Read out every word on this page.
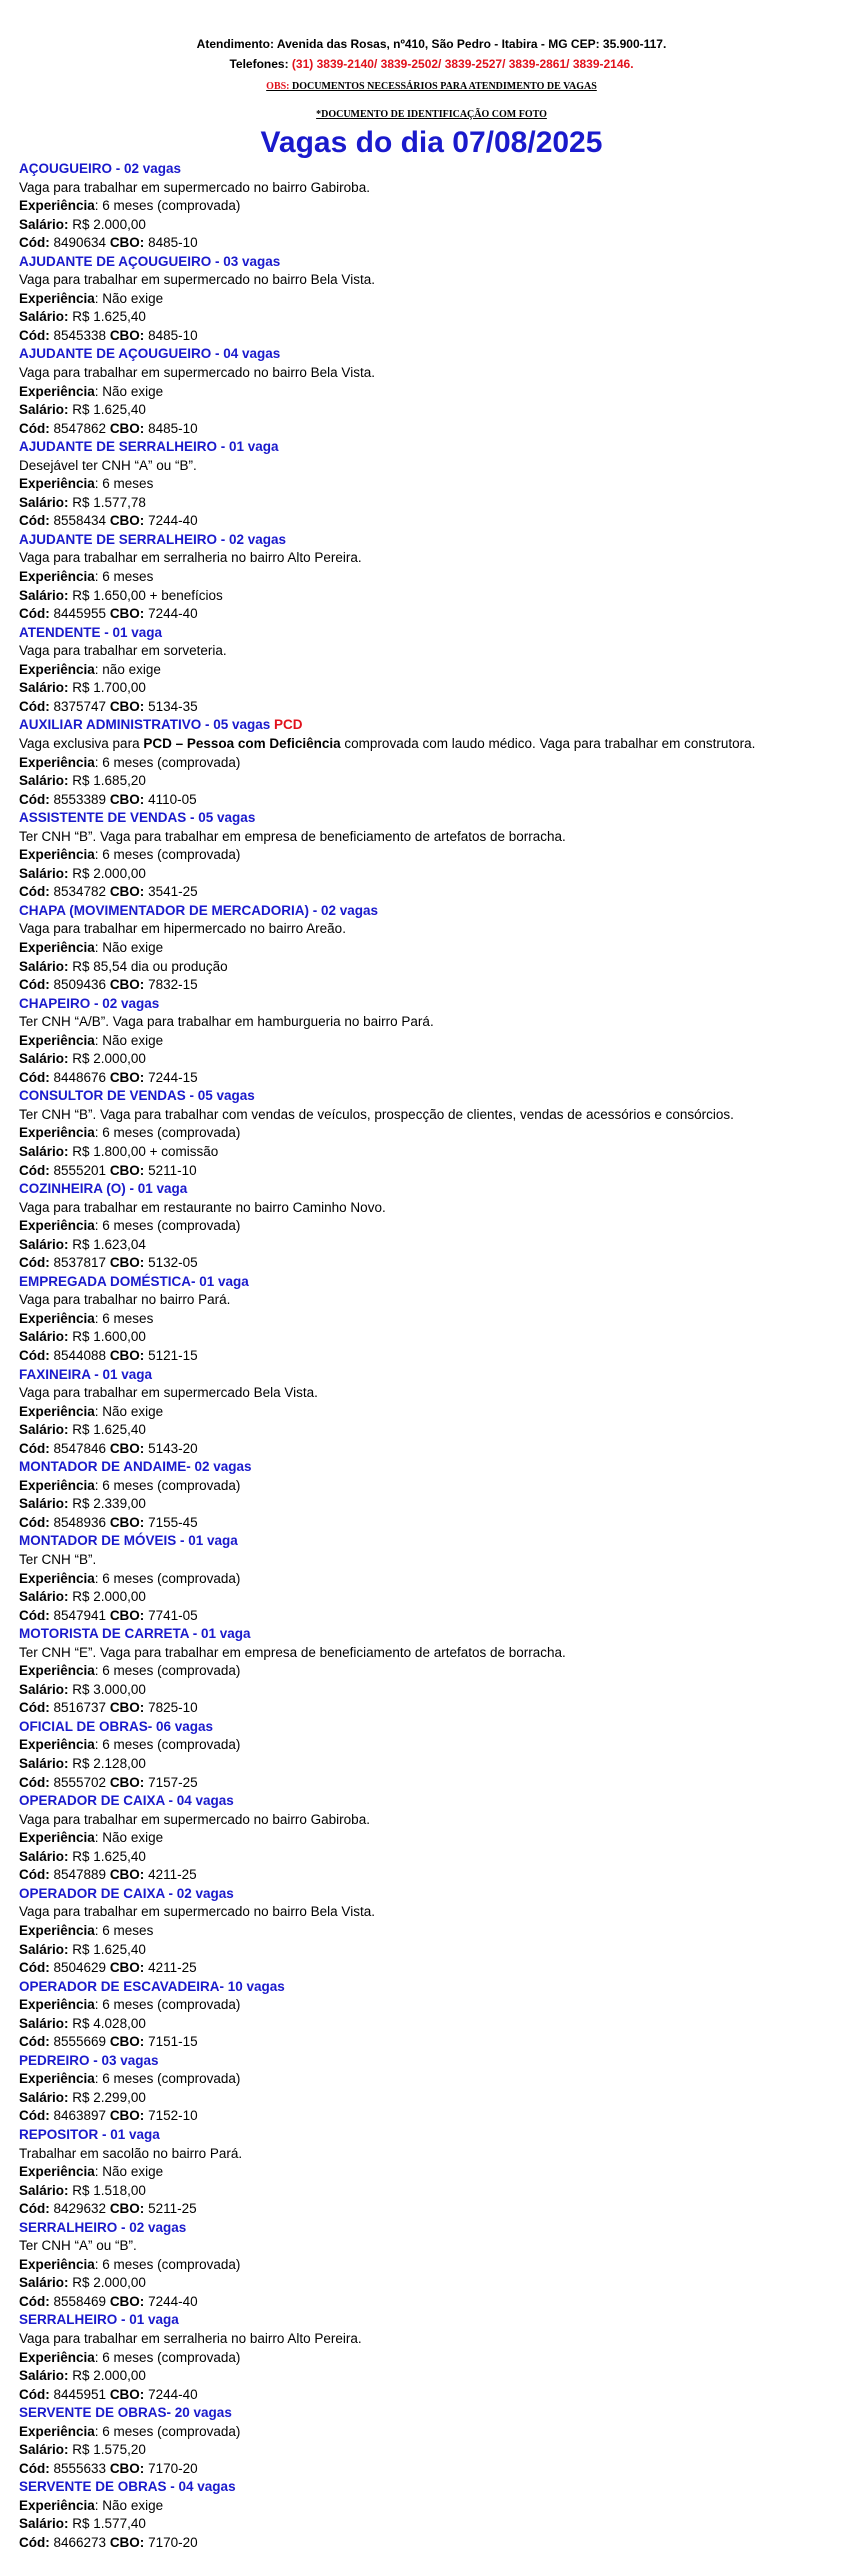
Atendimento: Avenida das Rosas, nº410, São Pedro - Itabira - MG CEP: 35.900-117.
Telefones: (31) 3839-2140/ 3839-2502/ 3839-2527/ 3839-2861/ 3839-2146.
OBS: DOCUMENTOS NECESSÁRIOS PARA ATENDIMENTO DE VAGAS
*DOCUMENTO DE IDENTIFICAÇÃO COM FOTO
Vagas do dia 07/08/2025
AÇOUGUEIRO - 02 vagas
Vaga para trabalhar em supermercado no bairro Gabiroba.
Experiência: 6 meses (comprovada)
Salário: R$ 2.000,00
Cód: 8490634 CBO: 8485-10
AJUDANTE DE AÇOUGUEIRO - 03 vagas
Vaga para trabalhar em supermercado no bairro Bela Vista.
Experiência: Não exige
Salário: R$ 1.625,40
Cód: 8545338 CBO: 8485-10
AJUDANTE DE AÇOUGUEIRO - 04 vagas
Vaga para trabalhar em supermercado no bairro Bela Vista.
Experiência: Não exige
Salário: R$ 1.625,40
Cód: 8547862 CBO: 8485-10
AJUDANTE DE SERRALHEIRO - 01 vaga
Desejável ter CNH “A” ou “B”.
Experiência: 6 meses
Salário: R$ 1.577,78
Cód: 8558434 CBO: 7244-40
AJUDANTE DE SERRALHEIRO - 02 vagas
Vaga para trabalhar em serralheria no bairro Alto Pereira.
Experiência: 6 meses
Salário: R$ 1.650,00 + benefícios
Cód: 8445955 CBO: 7244-40
ATENDENTE - 01 vaga
Vaga para trabalhar em sorveteria.
Experiência: não exige
Salário: R$ 1.700,00
Cód: 8375747 CBO: 5134-35
AUXILIAR ADMINISTRATIVO - 05 vagas PCD
Vaga exclusiva para PCD – Pessoa com Deficiência comprovada com laudo médico. Vaga para trabalhar em construtora.
Experiência: 6 meses (comprovada)
Salário: R$ 1.685,20
Cód: 8553389 CBO: 4110-05
ASSISTENTE DE VENDAS - 05 vagas
Ter CNH “B”. Vaga para trabalhar em empresa de beneficiamento de artefatos de borracha.
Experiência: 6 meses (comprovada)
Salário: R$ 2.000,00
Cód: 8534782 CBO: 3541-25
CHAPA (MOVIMENTADOR DE MERCADORIA) - 02 vagas
Vaga para trabalhar em hipermercado no bairro Areão.
Experiência: Não exige
Salário: R$ 85,54 dia ou produção
Cód: 8509436 CBO: 7832-15
CHAPEIRO - 02 vagas
Ter CNH “A/B”. Vaga para trabalhar em hamburgueria no bairro Pará.
Experiência: Não exige
Salário: R$ 2.000,00
Cód: 8448676 CBO: 7244-15
CONSULTOR DE VENDAS - 05 vagas
Ter CNH “B”. Vaga para trabalhar com vendas de veículos, prospecção de clientes, vendas de acessórios e consórcios.
Experiência: 6 meses (comprovada)
Salário: R$ 1.800,00 + comissão
Cód: 8555201 CBO: 5211-10
COZINHEIRA (O) - 01 vaga
Vaga para trabalhar em restaurante no bairro Caminho Novo.
Experiência: 6 meses (comprovada)
Salário: R$ 1.623,04
Cód: 8537817 CBO: 5132-05
EMPREGADA DOMÉSTICA- 01 vaga
Vaga para trabalhar no bairro Pará.
Experiência: 6 meses
Salário: R$ 1.600,00
Cód: 8544088 CBO: 5121-15
FAXINEIRA - 01 vaga
Vaga para trabalhar em supermercado Bela Vista.
Experiência: Não exige
Salário: R$ 1.625,40
Cód: 8547846 CBO: 5143-20
MONTADOR DE ANDAIME- 02 vagas
Experiência: 6 meses (comprovada)
Salário: R$ 2.339,00
Cód: 8548936 CBO: 7155-45
MONTADOR DE MÓVEIS - 01 vaga
Ter CNH “B”.
Experiência: 6 meses (comprovada)
Salário: R$ 2.000,00
Cód: 8547941 CBO: 7741-05
MOTORISTA DE CARRETA - 01 vaga
Ter CNH “E”. Vaga para trabalhar em empresa de beneficiamento de artefatos de borracha.
Experiência: 6 meses (comprovada)
Salário: R$ 3.000,00
Cód: 8516737 CBO: 7825-10
OFICIAL DE OBRAS- 06 vagas
Experiência: 6 meses (comprovada)
Salário: R$ 2.128,00
Cód: 8555702 CBO: 7157-25
OPERADOR DE CAIXA - 04 vagas
Vaga para trabalhar em supermercado no bairro Gabiroba.
Experiência: Não exige
Salário: R$ 1.625,40
Cód: 8547889 CBO: 4211-25
OPERADOR DE CAIXA - 02 vagas
Vaga para trabalhar em supermercado no bairro Bela Vista.
Experiência: 6 meses
Salário: R$ 1.625,40
Cód: 8504629 CBO: 4211-25
OPERADOR DE ESCAVADEIRA- 10 vagas
Experiência: 6 meses (comprovada)
Salário: R$ 4.028,00
Cód: 8555669 CBO: 7151-15
PEDREIRO - 03 vagas
Experiência: 6 meses (comprovada)
Salário: R$ 2.299,00
Cód: 8463897 CBO: 7152-10
REPOSITOR - 01 vaga
Trabalhar em sacolão no bairro Pará.
Experiência: Não exige
Salário: R$ 1.518,00
Cód: 8429632 CBO: 5211-25
SERRALHEIRO - 02 vagas
Ter CNH “A” ou “B”.
Experiência: 6 meses (comprovada)
Salário: R$ 2.000,00
Cód: 8558469 CBO: 7244-40
SERRALHEIRO - 01 vaga
Vaga para trabalhar em serralheria no bairro Alto Pereira.
Experiência: 6 meses (comprovada)
Salário: R$ 2.000,00
Cód: 8445951 CBO: 7244-40
SERVENTE DE OBRAS- 20 vagas
Experiência: 6 meses (comprovada)
Salário: R$ 1.575,20
Cód: 8555633 CBO: 7170-20
SERVENTE DE OBRAS - 04 vagas
Experiência: Não exige
Salário: R$ 1.577,40
Cód: 8466273 CBO: 7170-20
